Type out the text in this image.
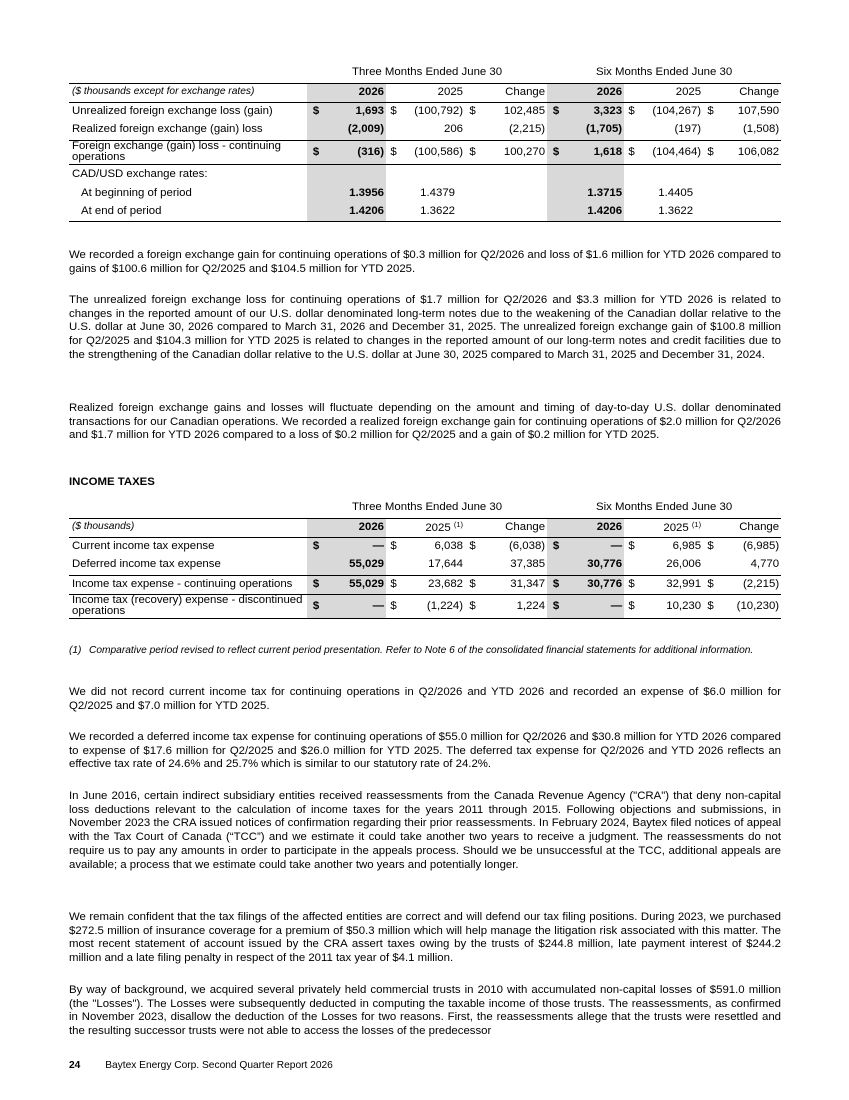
	Three Months Ended June 30						Six Months Ended June 30					
($ thousands except for exchange rates)		2026		2025		Change		2026		2025		Change
Unrealized foreign exchange loss (gain)	$	1,693	$	(100,792)	$	102,485	$	3,323	$	(104,267)	$	107,590
Realized foreign exchange (gain) loss		(2,009)		206		(2,215)		(1,705)		(197)		(1,508)
Foreign exchange (gain) loss - continuing operations	$	(316)	$	(100,586)	$	100,270	$	1,618	$	(104,464)	$	106,082
CAD/USD exchange rates:												
At beginning of period		1.3956		1.4379				1.3715		1.4405		
At end of period		1.4206		1.3622				1.4206		1.3622		

We recorded a foreign exchange gain for continuing operations of $0.3 million for Q2/2026 and loss of $1.6 million for YTD 2026 compared to gains of $100.6 million for Q2/2025 and $104.5 million for YTD 2025.

The unrealized foreign exchange loss for continuing operations of $1.7 million for Q2/2026 and $3.3 million for YTD 2026 is related to changes in the reported amount of our U.S. dollar denominated long-term notes due to the weakening of the Canadian dollar relative to the U.S. dollar at June 30, 2026 compared to March 31, 2026 and December 31, 2025. The unrealized foreign exchange gain of $100.8 million for Q2/2025 and $104.3 million for YTD 2025 is related to changes in the reported amount of our long-term notes and credit facilities due to the strengthening of the Canadian dollar relative to the U.S. dollar at June 30, 2025 compared to March 31, 2025 and December 31, 2024.

Realized foreign exchange gains and losses will fluctuate depending on the amount and timing of day-to-day U.S. dollar denominated transactions for our Canadian operations. We recorded a realized foreign exchange gain for continuing operations of $2.0 million for Q2/2026 and $1.7 million for YTD 2026 compared to a loss of $0.2 million for Q2/2025 and a gain of $0.2 million for YTD 2025.

INCOME TAXES
	Three Months Ended June 30						Six Months Ended June 30					
($ thousands)		2026		2025 $^{(1)}$		Change		2026		2025 $^{(1)}$		Change
Current income tax expense	$	—	$	6,038	$	(6,038)	$	—	$	6,985	$	(6,985)
Deferred income tax expense		55,029		17,644		37,385		30,776		26,006		4,770
Income tax expense - continuing operations	$	55,029	$	23,682	$	31,347	$	30,776	$	32,991	$	(2,215)
Income tax (recovery) expense - discontinued operations	$	—	$	(1,224)	$	1,224	$	—	$	10,230	$	(10,230)
(1) Comparative period revised to reflect current period presentation. Refer to Note 6 of the consolidated financial statements for additional information.

We did not record current income tax for continuing operations in Q2/2026 and YTD 2026 and recorded an expense of $6.0 million for Q2/2025 and $7.0 million for YTD 2025.

We recorded a deferred income tax expense for continuing operations of $55.0 million for Q2/2026 and $30.8 million for YTD 2026 compared to expense of $17.6 million for Q2/2025 and $26.0 million for YTD 2025. The deferred tax expense for Q2/2026 and YTD 2026 reflects an effective tax rate of 24.6% and 25.7% which is similar to our statutory rate of 24.2%.

In June 2016, certain indirect subsidiary entities received reassessments from the Canada Revenue Agency ("CRA") that deny non-capital loss deductions relevant to the calculation of income taxes for the years 2011 through 2015. Following objections and submissions, in November 2023 the CRA issued notices of confirmation regarding their prior reassessments. In February 2024, Baytex filed notices of appeal with the Tax Court of Canada (“TCC”) and we estimate it could take another two years to receive a judgment. The reassessments do not require us to pay any amounts in order to participate in the appeals process. Should we be unsuccessful at the TCC, additional appeals are available; a process that we estimate could take another two years and potentially longer.

We remain confident that the tax filings of the affected entities are correct and will defend our tax filing positions. During 2023, we purchased $272.5 million of insurance coverage for a premium of $50.3 million which will help manage the litigation risk associated with this matter. The most recent statement of account issued by the CRA assert taxes owing by the trusts of $244.8 million, late payment interest of $244.2 million and a late filing penalty in respect of the 2011 tax year of $4.1 million.

By way of background, we acquired several privately held commercial trusts in 2010 with accumulated non-capital losses of $591.0 million (the "Losses"). The Losses were subsequently deducted in computing the taxable income of those trusts. The reassessments, as confirmed in November 2023, disallow the deduction of the Losses for two reasons. First, the reassessments allege that the trusts were resettled and the resulting successor trusts were not able to access the losses of the predecessor

24 Baytex Energy Corp. Second Quarter Report 2026
